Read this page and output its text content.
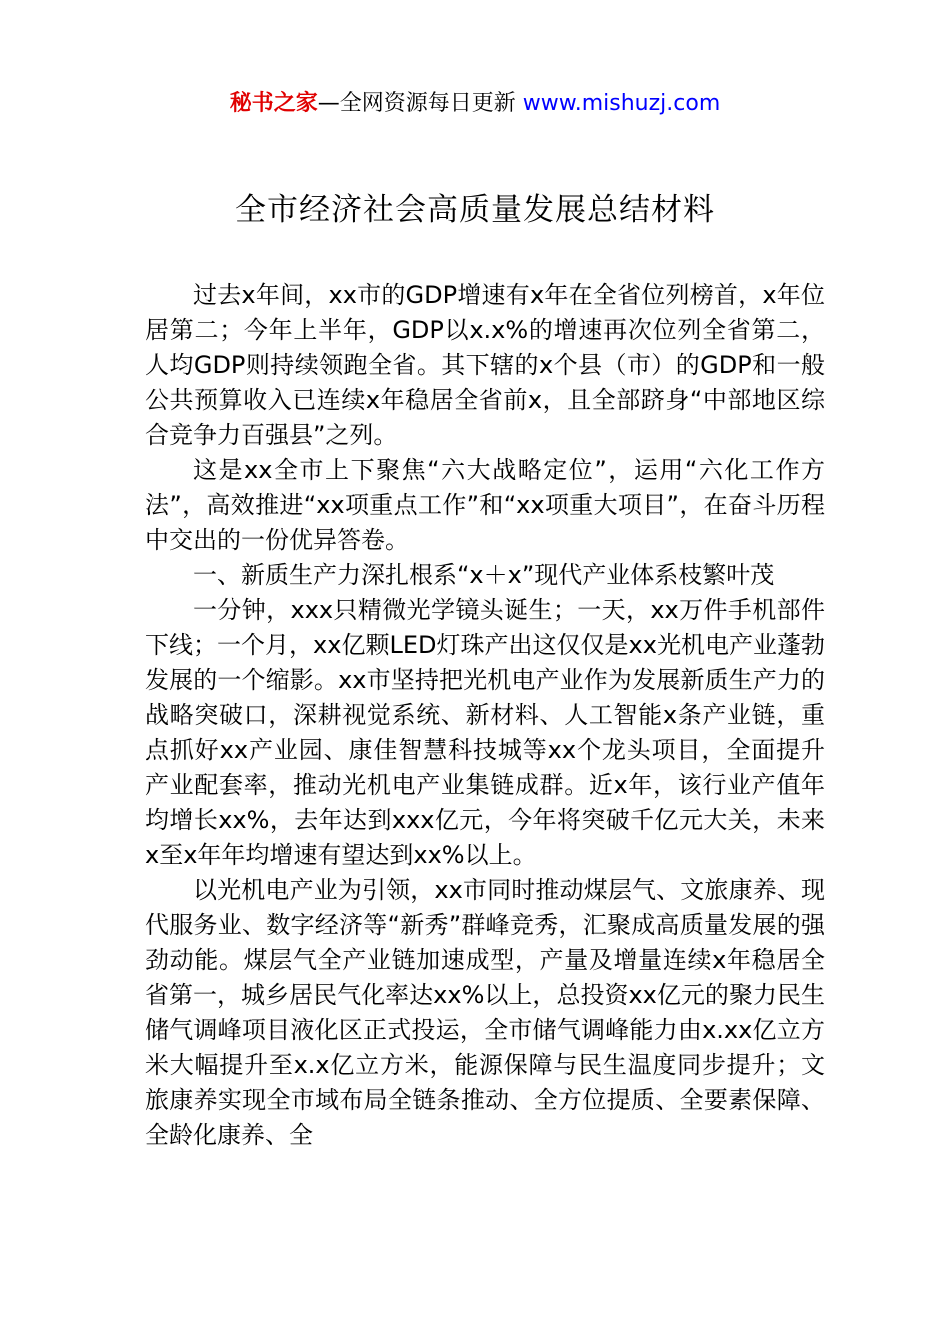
秘书之家—全网资源每日更新 www.mishuzj.com
全市经济社会高质量发展总结材料

过去x年间，xx市的GDP增速有x年在全省位列榜首，x年位居第二；今年上半年，GDP以x.x%的增速再次位列全省第二，人均GDP则持续领跑全省。其下辖的x个县（市）的GDP和一般公共预算收入已连续x年稳居全省前x，且全部跻身“中部地区综合竞争力百强县”之列。

这是xx全市上下聚焦“六大战略定位”，运用“六化工作方法”，高效推进“xx项重点工作”和“xx项重大项目”，在奋斗历程中交出的一份优异答卷。

一、新质生产力深扎根系“x＋x”现代产业体系枝繁叶茂

一分钟，xxx只精微光学镜头诞生；一天，xx万件手机部件下线；一个月，xx亿颗LED灯珠产出这仅仅是xx光机电产业蓬勃发展的一个缩影。xx市坚持把光机电产业作为发展新质生产力的战略突破口，深耕视觉系统、新材料、人工智能x条产业链，重点抓好xx产业园、康佳智慧科技城等xx个龙头项目，全面提升产业配套率，推动光机电产业集链成群。近x年，该行业产值年均增长xx%，去年达到xxx亿元，今年将突破千亿元大关，未来x至x年年均增速有望达到xx%以上。

以光机电产业为引领，xx市同时推动煤层气、文旅康养、现代服务业、数字经济等“新秀”群峰竞秀，汇聚成高质量发展的强劲动能。煤层气全产业链加速成型，产量及增量连续x年稳居全省第一，城乡居民气化率达xx%以上，总投资xx亿元的聚力民生储气调峰项目液化区正式投运，全市储气调峰能力由x.xx亿立方米大幅提升至x.x亿立方米，能源保障与民生温度同步提升；文旅康养实现全市域布局全链条推动、全方位提质、全要素保障、全龄化康养、全
